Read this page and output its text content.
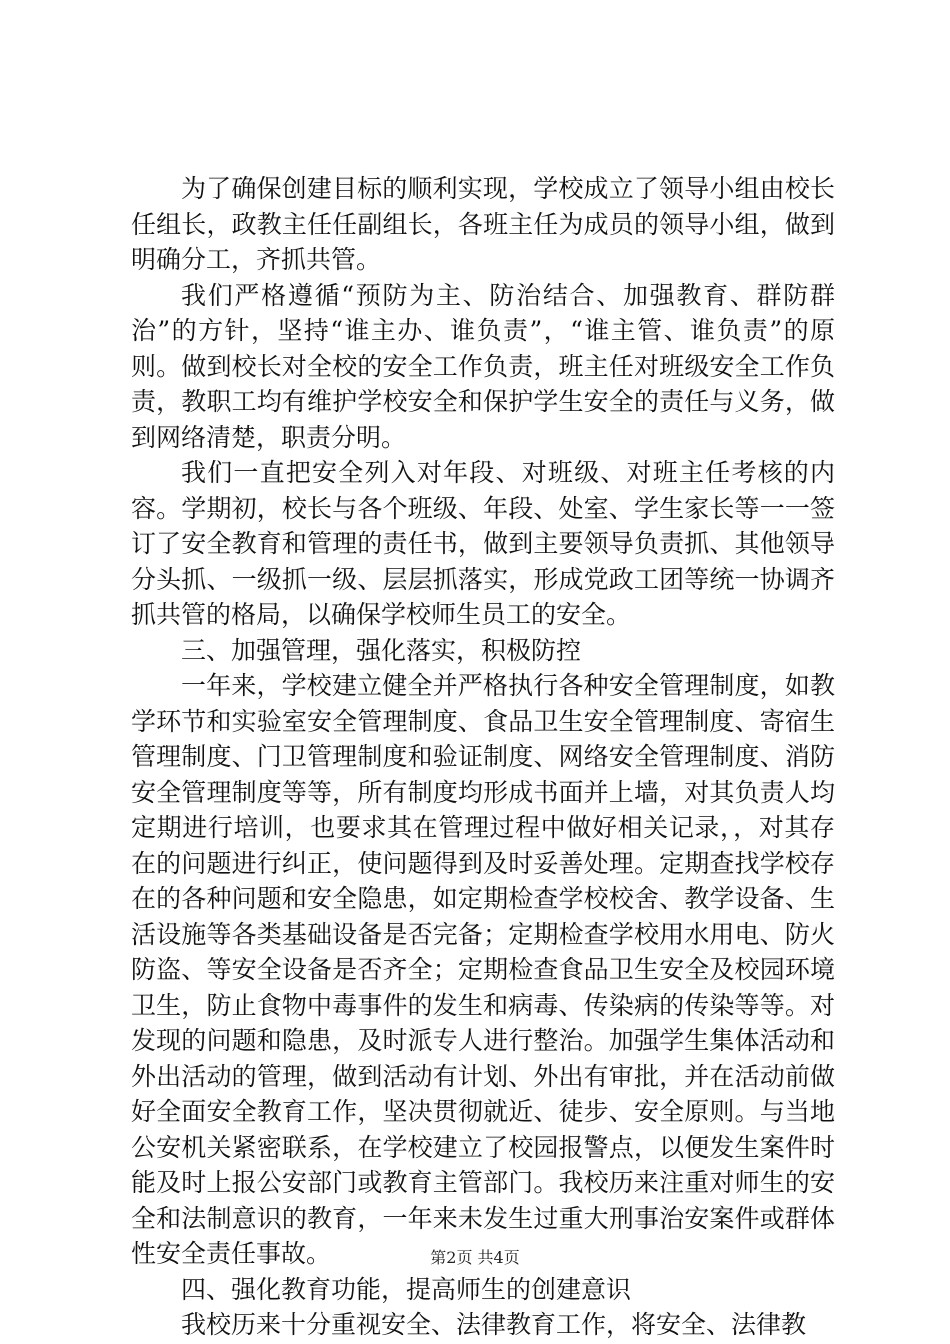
为了确保创建目标的顺利实现，学校成立了领导小组由校长任组长，政教主任任副组长，各班主任为成员的领导小组，做到明确分工，齐抓共管。

我们严格遵循“预防为主、防治结合、加强教育、群防群治”的方针，坚持“谁主办、谁负责”，“谁主管、谁负责”的原则。做到校长对全校的安全工作负责，班主任对班级安全工作负责，教职工均有维护学校安全和保护学生安全的责任与义务，做到网络清楚，职责分明。

我们一直把安全列入对年段、对班级、对班主任考核的内容。学期初，校长与各个班级、年段、处室、学生家长等一一签订了安全教育和管理的责任书，做到主要领导负责抓、其他领导分头抓、一级抓一级、层层抓落实，形成党政工团等统一协调齐抓共管的格局，以确保学校师生员工的安全。

三、加强管理，强化落实，积极防控

一年来，学校建立健全并严格执行各种安全管理制度，如教学环节和实验室安全管理制度、食品卫生安全管理制度、寄宿生管理制度、门卫管理制度和验证制度、网络安全管理制度、消防安全管理制度等等，所有制度均形成书面并上墙，对其负责人均定期进行培训，也要求其在管理过程中做好相关记录，，对其存在的问题进行纠正，使问题得到及时妥善处理。定期查找学校存在的各种问题和安全隐患，如定期检查学校校舍、教学设备、生活设施等各类基础设备是否完备；定期检查学校用水用电、防火防盗、等安全设备是否齐全；定期检查食品卫生安全及校园环境卫生，防止食物中毒事件的发生和病毒、传染病的传染等等。对发现的问题和隐患，及时派专人进行整治。加强学生集体活动和外出活动的管理，做到活动有计划、外出有审批，并在活动前做好全面安全教育工作，坚决贯彻就近、徒步、安全原则。与当地公安机关紧密联系，在学校建立了校园报警点，以便发生案件时能及时上报公安部门或教育主管部门。我校历来注重对师生的安全和法制意识的教育，一年来未发生过重大刑事治安案件或群体性安全责任事故。

四、强化教育功能，提高师生的创建意识

我校历来十分重视安全、法律教育工作，将安全、法律教

第2页 共4页
